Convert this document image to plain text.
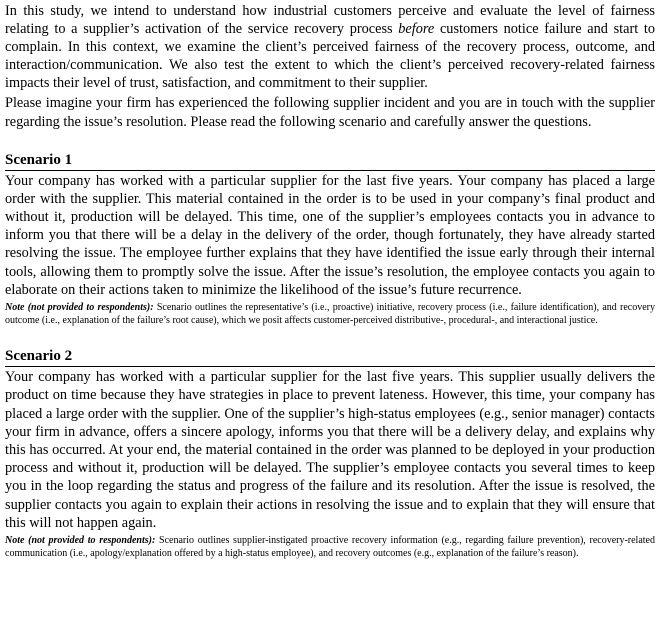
In this study, we intend to understand how industrial customers perceive and evaluate the level of fairness relating to a supplier’s activation of the service recovery process before customers notice failure and start to complain. In this context, we examine the client’s perceived fairness of the recovery process, outcome, and interaction/communication. We also test the extent to which the client’s perceived recovery-related fairness impacts their level of trust, satisfaction, and commitment to their supplier.

Please imagine your firm has experienced the following supplier incident and you are in touch with the supplier regarding the issue’s resolution. Please read the following scenario and carefully answer the questions.

Scenario 1

Your company has worked with a particular supplier for the last five years. Your company has placed a large order with the supplier. This material contained in the order is to be used in your company’s final product and without it, production will be delayed. This time, one of the supplier’s employees contacts you in advance to inform you that there will be a delay in the delivery of the order, though fortunately, they have already started resolving the issue. The employee further explains that they have identified the issue early through their internal tools, allowing them to promptly solve the issue. After the issue’s resolution, the employee contacts you again to elaborate on their actions taken to minimize the likelihood of the issue’s future recurrence.

Note (not provided to respondents): Scenario outlines the representative’s (i.e., proactive) initiative, recovery process (i.e., failure identification), and recovery outcome (i.e., explanation of the failure’s root cause), which we posit affects customer-perceived distributive-, procedural-, and interactional justice.

Scenario 2

Your company has worked with a particular supplier for the last five years. This supplier usually delivers the product on time because they have strategies in place to prevent lateness. However, this time, your company has placed a large order with the supplier. One of the supplier’s high-status employees (e.g., senior manager) contacts your firm in advance, offers a sincere apology, informs you that there will be a delivery delay, and explains why this has occurred. At your end, the material contained in the order was planned to be deployed in your production process and without it, production will be delayed. The supplier’s employee contacts you several times to keep you in the loop regarding the status and progress of the failure and its resolution. After the issue is resolved, the supplier contacts you again to explain their actions in resolving the issue and to explain that they will ensure that this will not happen again.

Note (not provided to respondents): Scenario outlines supplier-instigated proactive recovery information (e.g., regarding failure prevention), recovery-related communication (i.e., apology/explanation offered by a high-status employee), and recovery outcomes (e.g., explanation of the failure’s reason).
